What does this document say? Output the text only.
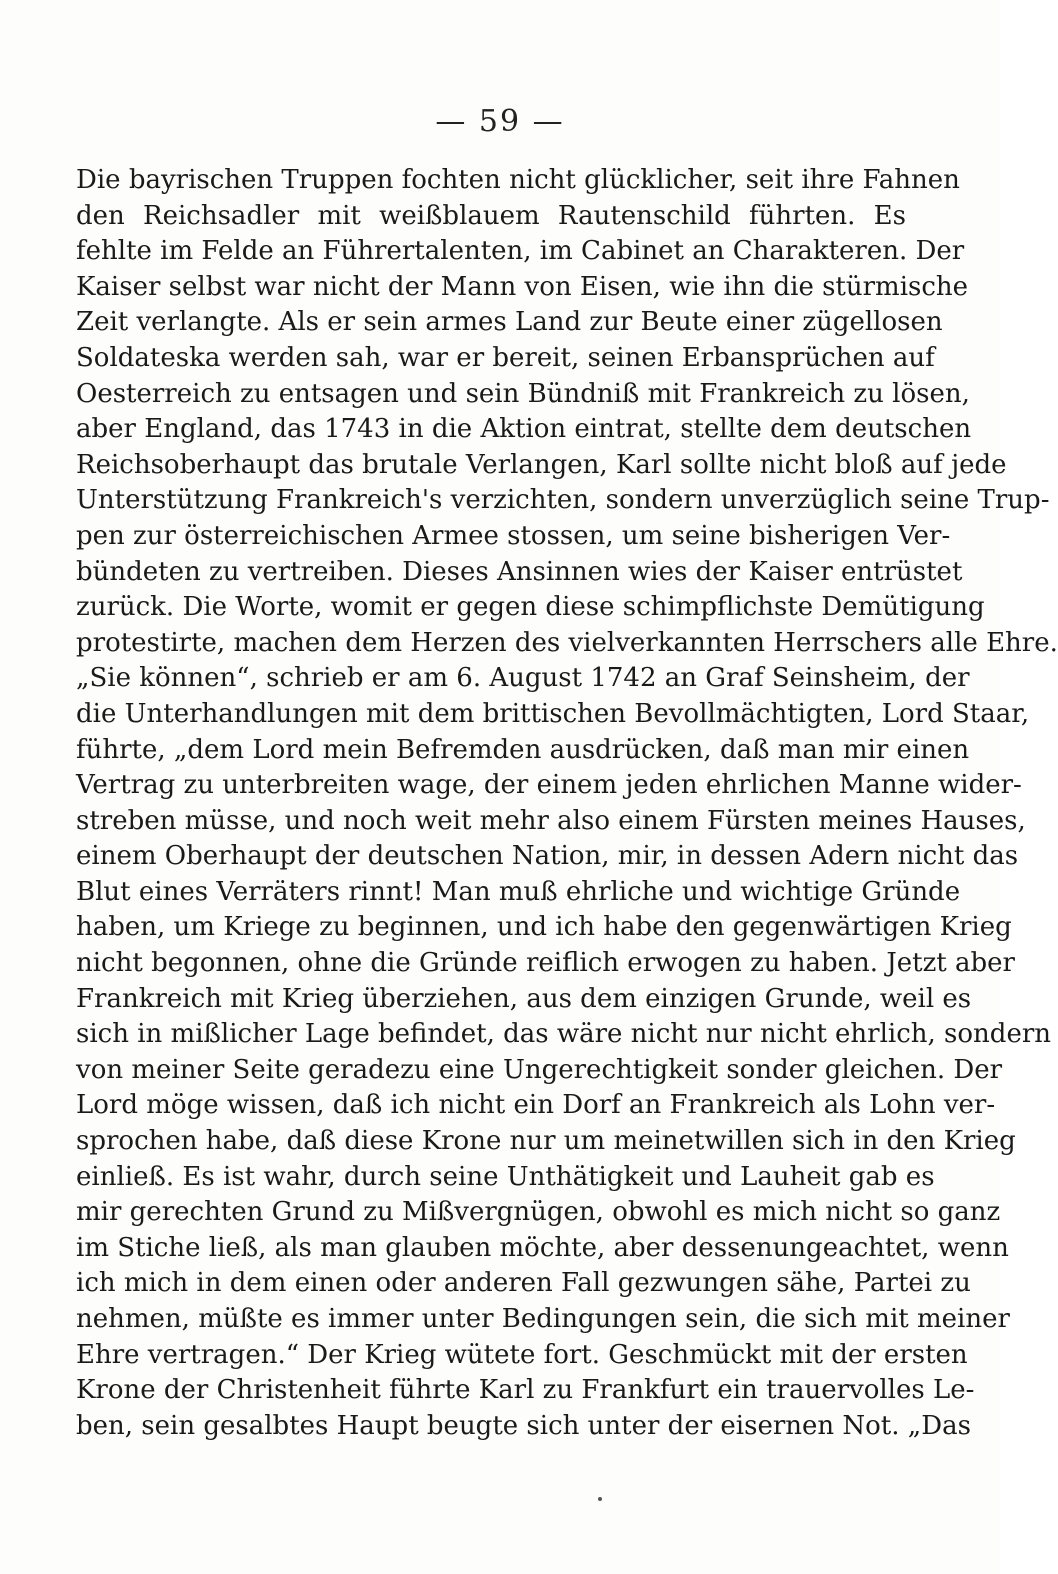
— 59 —
Die bayrischen Truppen fochten nicht glücklicher, seit ihre Fahnen
den Reichsadler mit weißblauem Rautenschild führten. Es
fehlte im Felde an Führertalenten, im Cabinet an Charakteren. Der
Kaiser selbst war nicht der Mann von Eisen, wie ihn die stürmische
Zeit verlangte. Als er sein armes Land zur Beute einer zügellosen
Soldateska werden sah, war er bereit, seinen Erbansprüchen auf
Oesterreich zu entsagen und sein Bündniß mit Frankreich zu lösen,
aber England, das 1743 in die Aktion eintrat, stellte dem deutschen
Reichsoberhaupt das brutale Verlangen, Karl sollte nicht bloß auf jede
Unterstützung Frankreich's verzichten, sondern unverzüglich seine Trup-
pen zur österreichischen Armee stossen, um seine bisherigen Ver-
bündeten zu vertreiben. Dieses Ansinnen wies der Kaiser entrüstet
zurück. Die Worte, womit er gegen diese schimpflichste Demütigung
protestirte, machen dem Herzen des vielverkannten Herrschers alle Ehre.
„Sie können“, schrieb er am 6. August 1742 an Graf Seinsheim, der
die Unterhandlungen mit dem brittischen Bevollmächtigten, Lord Staar,
führte, „dem Lord mein Befremden ausdrücken, daß man mir einen
Vertrag zu unterbreiten wage, der einem jeden ehrlichen Manne wider-
streben müsse, und noch weit mehr also einem Fürsten meines Hauses,
einem Oberhaupt der deutschen Nation, mir, in dessen Adern nicht das
Blut eines Verräters rinnt! Man muß ehrliche und wichtige Gründe
haben, um Kriege zu beginnen, und ich habe den gegenwärtigen Krieg
nicht begonnen, ohne die Gründe reiflich erwogen zu haben. Jetzt aber
Frankreich mit Krieg überziehen, aus dem einzigen Grunde, weil es
sich in mißlicher Lage befindet, das wäre nicht nur nicht ehrlich, sondern
von meiner Seite geradezu eine Ungerechtigkeit sonder gleichen. Der
Lord möge wissen, daß ich nicht ein Dorf an Frankreich als Lohn ver-
sprochen habe, daß diese Krone nur um meinetwillen sich in den Krieg
einließ. Es ist wahr, durch seine Unthätigkeit und Lauheit gab es
mir gerechten Grund zu Mißvergnügen, obwohl es mich nicht so ganz
im Stiche ließ, als man glauben möchte, aber dessenungeachtet, wenn
ich mich in dem einen oder anderen Fall gezwungen sähe, Partei zu
nehmen, müßte es immer unter Bedingungen sein, die sich mit meiner
Ehre vertragen.“ Der Krieg wütete fort. Geschmückt mit der ersten
Krone der Christenheit führte Karl zu Frankfurt ein trauervolles Le-
ben, sein gesalbtes Haupt beugte sich unter der eisernen Not. „Das
